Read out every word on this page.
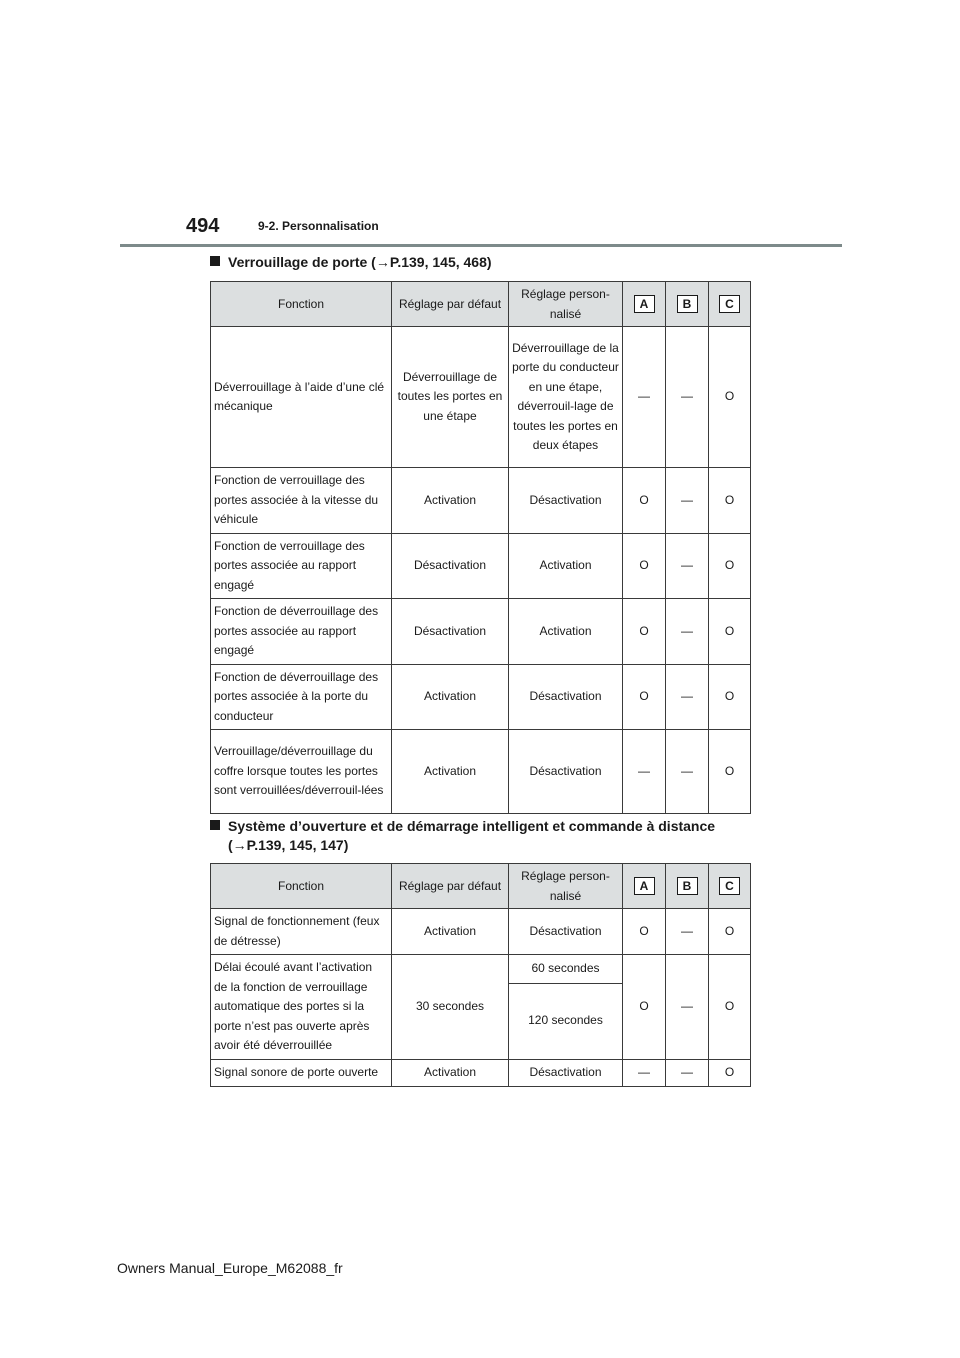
494	9-2. Personnalisation
Verrouillage de porte (→P.139, 145, 468)
Fonction	Réglage par défaut	Réglage person-nalisé	A	B	C
Déverrouillage à l’aide d’une clé mécanique	Déverrouillage de toutes les portes en une étape	Déverrouillage de la porte du conducteur en une étape, déverrouil-lage de toutes les portes en deux étapes	—	—	O
Fonction de verrouillage des portes associée à la vitesse du véhicule	Activation	Désactivation	O	—	O
Fonction de verrouillage des portes associée au rapport engagé	Désactivation	Activation	O	—	O
Fonction de déverrouillage des portes associée au rapport engagé	Désactivation	Activation	O	—	O
Fonction de déverrouillage des portes associée à la porte du conducteur	Activation	Désactivation	O	—	O
Verrouillage/déverrouillage du coffre lorsque toutes les portes sont verrouillées/déverrouil-lées	Activation	Désactivation	—	—	O
Système d’ouverture et de démarrage intelligent et commande à distance
(→P.139, 145, 147)
Fonction	Réglage par défaut	Réglage person-nalisé	A	B	C
Signal de fonctionnement (feux de détresse)	Activation	Désactivation	O	—	O
Délai écoulé avant l’activation de la fonction de verrouillage automatique des portes si la porte n’est pas ouverte après avoir été déverrouillée	30 secondes	60 secondes	O	—	O
		120 secondes			
Signal sonore de porte ouverte	Activation	Désactivation	—	—	O
Owners Manual_Europe_M62088_fr
